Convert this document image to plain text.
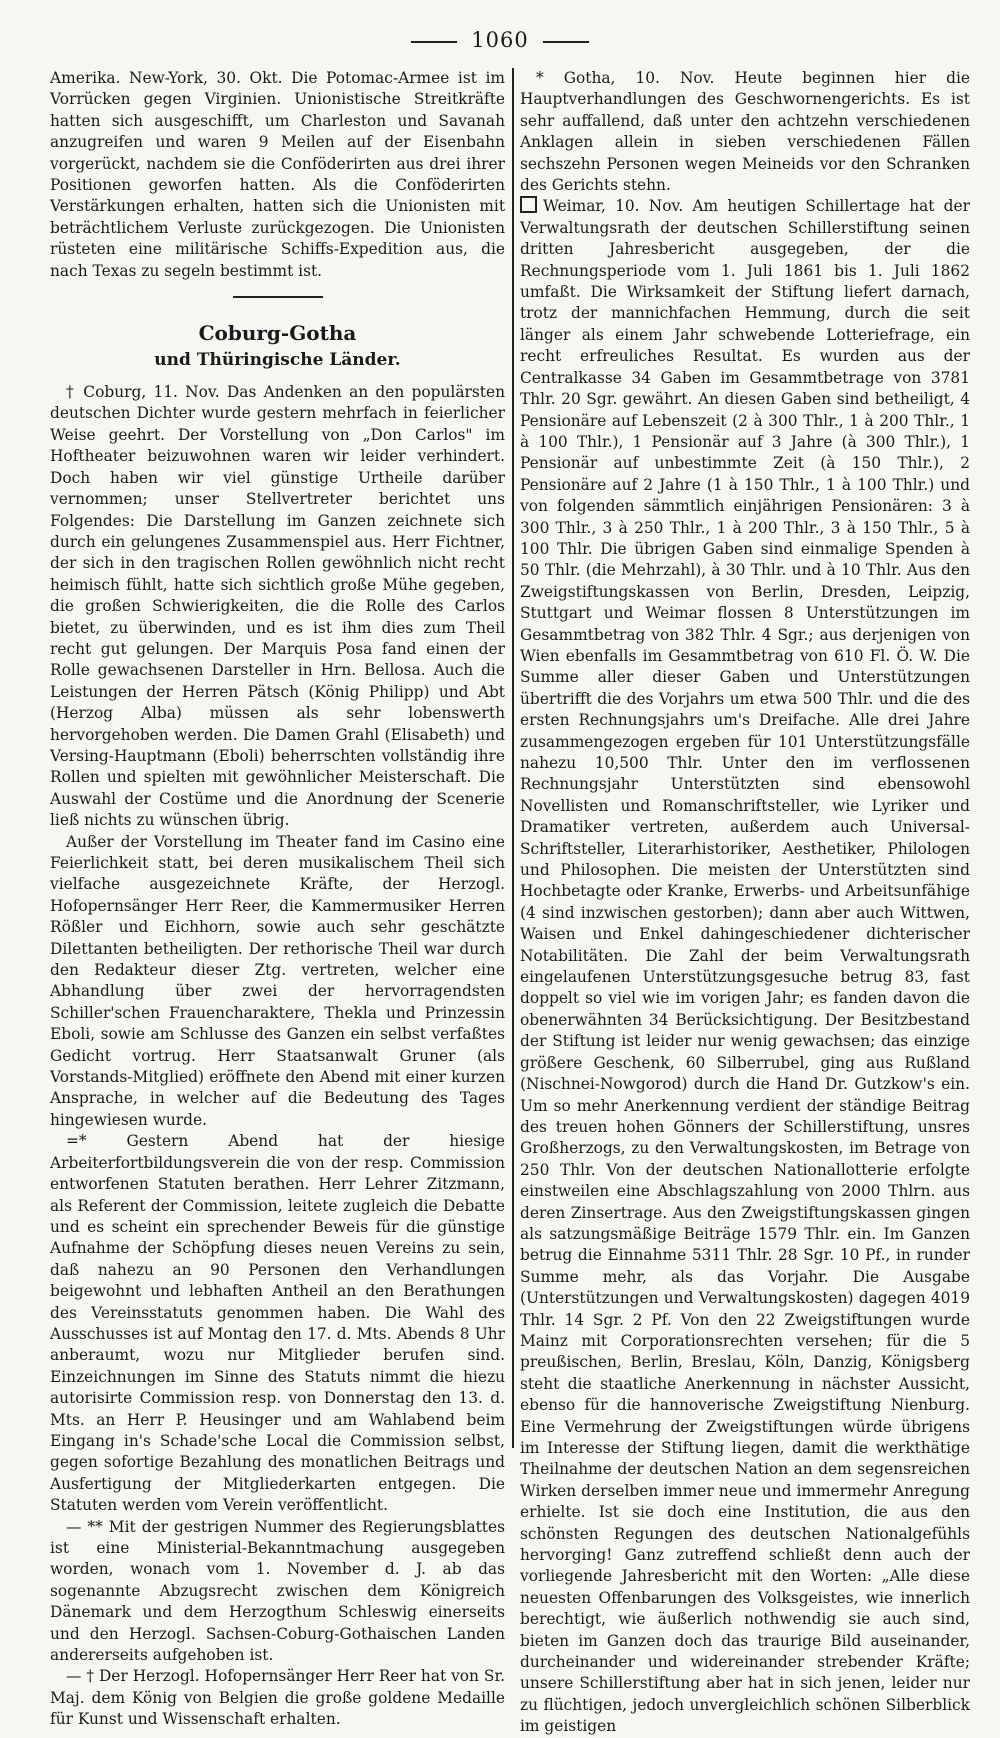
1060

Amerika. New-York, 30. Okt. Die Potomac-Armee ist im Vorrücken gegen Virginien. Unionistische Streitkräfte hatten sich ausgeschifft, um Charleston und Savanah anzugreifen und waren 9 Meilen auf der Eisenbahn vorgerückt, nachdem sie die Conföderirten aus drei ihrer Positionen geworfen hatten. Als die Conföderirten Verstärkungen erhalten, hatten sich die Unionisten mit beträchtlichem Verluste zurückgezogen. Die Unionisten rüsteten eine militärische Schiffs-Expedition aus, die nach Texas zu segeln bestimmt ist.

Coburg-Gotha
und Thüringische Länder.

† Coburg, 11. Nov. Das Andenken an den populärsten deutschen Dichter wurde gestern mehrfach in feierlicher Weise geehrt. Der Vorstellung von „Don Carlos" im Hoftheater beizuwohnen waren wir leider verhindert. Doch haben wir viel günstige Urtheile darüber vernommen; unser Stellvertreter berichtet uns Folgendes: Die Darstellung im Ganzen zeichnete sich durch ein gelungenes Zusammenspiel aus. Herr Fichtner, der sich in den tragischen Rollen gewöhnlich nicht recht heimisch fühlt, hatte sich sichtlich große Mühe gegeben, die großen Schwierigkeiten, die die Rolle des Carlos bietet, zu überwinden, und es ist ihm dies zum Theil recht gut gelungen. Der Marquis Posa fand einen der Rolle gewachsenen Darsteller in Hrn. Bellosa. Auch die Leistungen der Herren Pätsch (König Philipp) und Abt (Herzog Alba) müssen als sehr lobenswerth hervorgehoben werden. Die Damen Grahl (Elisabeth) und Versing-Hauptmann (Eboli) beherrschten vollständig ihre Rollen und spielten mit gewöhnlicher Meisterschaft. Die Auswahl der Costüme und die Anordnung der Scenerie ließ nichts zu wünschen übrig.

Außer der Vorstellung im Theater fand im Casino eine Feierlichkeit statt, bei deren musikalischem Theil sich vielfache ausgezeichnete Kräfte, der Herzogl. Hofopernsänger Herr Reer, die Kammermusiker Herren Rößler und Eichhorn, sowie auch sehr geschätzte Dilettanten betheiligten. Der rethorische Theil war durch den Redakteur dieser Ztg. vertreten, welcher eine Abhandlung über zwei der hervorragendsten Schiller'schen Frauencharaktere, Thekla und Prinzessin Eboli, sowie am Schlusse des Ganzen ein selbst verfaßtes Gedicht vortrug. Herr Staatsanwalt Gruner (als Vorstands-Mitglied) eröffnete den Abend mit einer kurzen Ansprache, in welcher auf die Bedeutung des Tages hingewiesen wurde.

=* Gestern Abend hat der hiesige Arbeiterfortbildungsverein die von der resp. Commission entworfenen Statuten berathen. Herr Lehrer Zitzmann, als Referent der Commission, leitete zugleich die Debatte und es scheint ein sprechender Beweis für die günstige Aufnahme der Schöpfung dieses neuen Vereins zu sein, daß nahezu an 90 Personen den Verhandlungen beigewohnt und lebhaften Antheil an den Berathungen des Vereinsstatuts genommen haben. Die Wahl des Ausschusses ist auf Montag den 17. d. Mts. Abends 8 Uhr anberaumt, wozu nur Mitglieder berufen sind. Einzeichnungen im Sinne des Statuts nimmt die hiezu autorisirte Commission resp. von Donnerstag den 13. d. Mts. an Herr P. Heusinger und am Wahlabend beim Eingang in's Schade'sche Local die Commission selbst, gegen sofortige Bezahlung des monatlichen Beitrags und Ausfertigung der Mitgliederkarten entgegen. Die Statuten werden vom Verein veröffentlicht.

— ** Mit der gestrigen Nummer des Regierungsblattes ist eine Ministerial-Bekanntmachung ausgegeben worden, wonach vom 1. November d. J. ab das sogenannte Abzugsrecht zwischen dem Königreich Dänemark und dem Herzogthum Schleswig einerseits und den Herzogl. Sachsen-Coburg-Gothaischen Landen andererseits aufgehoben ist.

— † Der Herzogl. Hofopernsänger Herr Reer hat von Sr. Maj. dem König von Belgien die große goldene Medaille für Kunst und Wissenschaft erhalten.

* Gotha, 10. Nov. Heute beginnen hier die Hauptverhandlungen des Geschwornengerichts. Es ist sehr auffallend, daß unter den achtzehn verschiedenen Anklagen allein in sieben verschiedenen Fällen sechszehn Personen wegen Meineids vor den Schranken des Gerichts stehn.

Weimar, 10. Nov. Am heutigen Schillertage hat der Verwaltungsrath der deutschen Schillerstiftung seinen dritten Jahresbericht ausgegeben, der die Rechnungsperiode vom 1. Juli 1861 bis 1. Juli 1862 umfaßt. Die Wirksamkeit der Stiftung liefert darnach, trotz der mannichfachen Hemmung, durch die seit länger als einem Jahr schwebende Lotteriefrage, ein recht erfreuliches Resultat. Es wurden aus der Centralkasse 34 Gaben im Gesammtbetrage von 3781 Thlr. 20 Sgr. gewährt. An diesen Gaben sind betheiligt, 4 Pensionäre auf Lebenszeit (2 à 300 Thlr., 1 à 200 Thlr., 1 à 100 Thlr.), 1 Pensionär auf 3 Jahre (à 300 Thlr.), 1 Pensionär auf unbestimmte Zeit (à 150 Thlr.), 2 Pensionäre auf 2 Jahre (1 à 150 Thlr., 1 à 100 Thlr.) und von folgenden sämmtlich einjährigen Pensionären: 3 à 300 Thlr., 3 à 250 Thlr., 1 à 200 Thlr., 3 à 150 Thlr., 5 à 100 Thlr. Die übrigen Gaben sind einmalige Spenden à 50 Thlr. (die Mehrzahl), à 30 Thlr. und à 10 Thlr. Aus den Zweigstiftungskassen von Berlin, Dresden, Leipzig, Stuttgart und Weimar flossen 8 Unterstützungen im Gesammtbetrag von 382 Thlr. 4 Sgr.; aus derjenigen von Wien ebenfalls im Gesammtbetrag von 610 Fl. Ö. W. Die Summe aller dieser Gaben und Unterstützungen übertrifft die des Vorjahrs um etwa 500 Thlr. und die des ersten Rechnungsjahrs um's Dreifache. Alle drei Jahre zusammengezogen ergeben für 101 Unterstützungsfälle nahezu 10,500 Thlr. Unter den im verflossenen Rechnungsjahr Unterstützten sind ebensowohl Novellisten und Romanschriftsteller, wie Lyriker und Dramatiker vertreten, außerdem auch Universal-Schriftsteller, Literarhistoriker, Aesthetiker, Philologen und Philosophen. Die meisten der Unterstützten sind Hochbetagte oder Kranke, Erwerbs- und Arbeitsunfähige (4 sind inzwischen gestorben); dann aber auch Wittwen, Waisen und Enkel dahingeschiedener dichterischer Notabilitäten. Die Zahl der beim Verwaltungsrath eingelaufenen Unterstützungsgesuche betrug 83, fast doppelt so viel wie im vorigen Jahr; es fanden davon die obenerwähnten 34 Berücksichtigung. Der Besitzbestand der Stiftung ist leider nur wenig gewachsen; das einzige größere Geschenk, 60 Silberrubel, ging aus Rußland (Nischnei-Nowgorod) durch die Hand Dr. Gutzkow's ein. Um so mehr Anerkennung verdient der ständige Beitrag des treuen hohen Gönners der Schillerstiftung, unsres Großherzogs, zu den Verwaltungskosten, im Betrage von 250 Thlr. Von der deutschen Nationallotterie erfolgte einstweilen eine Abschlagszahlung von 2000 Thlrn. aus deren Zinsertrage. Aus den Zweigstiftungskassen gingen als satzungsmäßige Beiträge 1579 Thlr. ein. Im Ganzen betrug die Einnahme 5311 Thlr. 28 Sgr. 10 Pf., in runder Summe mehr, als das Vorjahr. Die Ausgabe (Unterstützungen und Verwaltungskosten) dagegen 4019 Thlr. 14 Sgr. 2 Pf. Von den 22 Zweigstiftungen wurde Mainz mit Corporationsrechten versehen; für die 5 preußischen, Berlin, Breslau, Köln, Danzig, Königsberg steht die staatliche Anerkennung in nächster Aussicht, ebenso für die hannoverische Zweigstiftung Nienburg. Eine Vermehrung der Zweigstiftungen würde übrigens im Interesse der Stiftung liegen, damit die werkthätige Theilnahme der deutschen Nation an dem segensreichen Wirken derselben immer neue und immermehr Anregung erhielte. Ist sie doch eine Institution, die aus den schönsten Regungen des deutschen Nationalgefühls hervorging! Ganz zutreffend schließt denn auch der vorliegende Jahresbericht mit den Worten: „Alle diese neuesten Offenbarungen des Volksgeistes, wie innerlich berechtigt, wie äußerlich nothwendig sie auch sind, bieten im Ganzen doch das traurige Bild auseinander, durcheinander und widereinander strebender Kräfte; unsere Schillerstiftung aber hat in sich jenen, leider nur zu flüchtigen, jedoch unvergleichlich schönen Silberblick im geistigen
